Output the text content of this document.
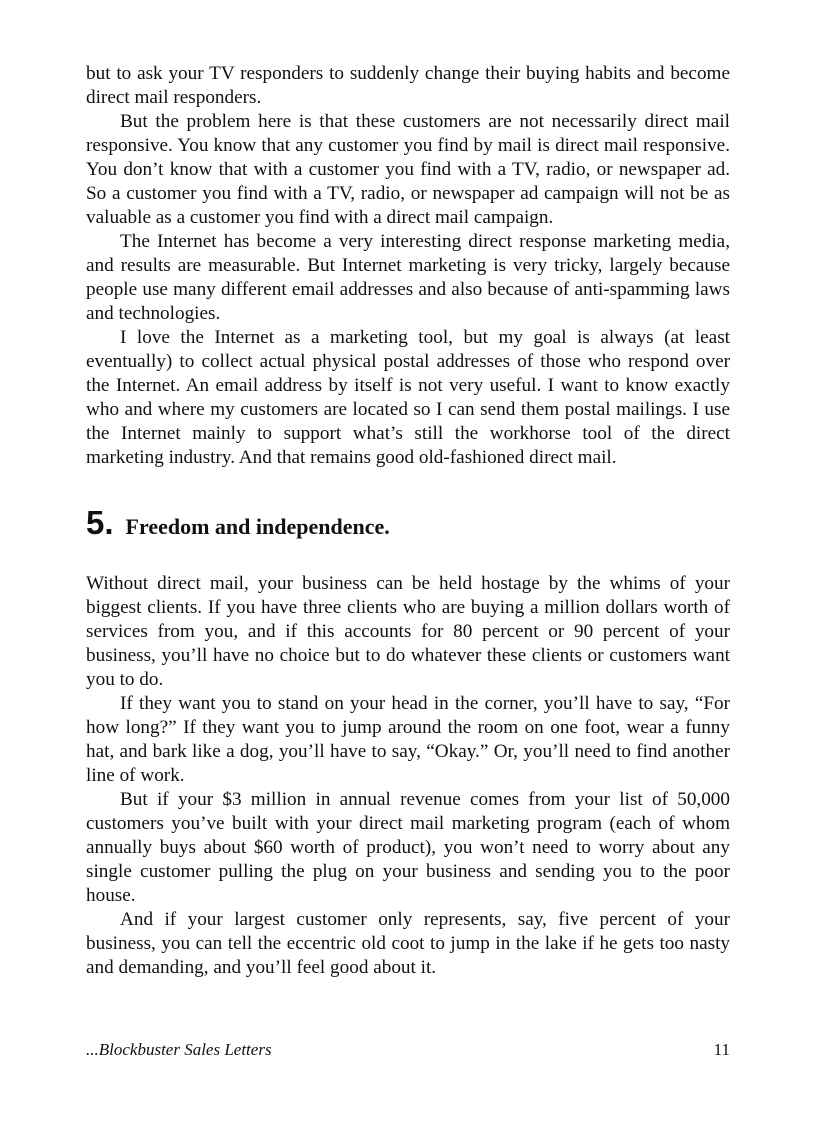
but to ask your TV responders to suddenly change their buying habits and become direct mail responders.

But the problem here is that these customers are not necessarily direct mail responsive. You know that any customer you find by mail is direct mail responsive. You don’t know that with a customer you find with a TV, radio, or newspaper ad. So a customer you find with a TV, radio, or newspaper ad campaign will not be as valuable as a customer you find with a direct mail campaign.

The Internet has become a very interesting direct response marketing media, and results are measurable. But Internet marketing is very tricky, largely because people use many different email addresses and also because of anti-spamming laws and technologies.

I love the Internet as a marketing tool, but my goal is always (at least eventually) to collect actual physical postal addresses of those who respond over the Internet. An email address by itself is not very useful. I want to know exactly who and where my customers are located so I can send them postal mailings. I use the Internet mainly to support what’s still the workhorse tool of the direct marketing industry. And that remains good old-fashioned direct mail.

5. Freedom and independence.

Without direct mail, your business can be held hostage by the whims of your biggest clients. If you have three clients who are buying a million dollars worth of services from you, and if this accounts for 80 percent or 90 percent of your business, you’ll have no choice but to do whatever these clients or customers want you to do.

If they want you to stand on your head in the corner, you’ll have to say, “For how long?” If they want you to jump around the room on one foot, wear a funny hat, and bark like a dog, you’ll have to say, “Okay.” Or, you’ll need to find another line of work.

But if your $3 million in annual revenue comes from your list of 50,000 customers you’ve built with your direct mail marketing program (each of whom annually buys about $60 worth of product), you won’t need to worry about any single customer pulling the plug on your business and sending you to the poor house.

And if your largest customer only represents, say, five percent of your business, you can tell the eccentric old coot to jump in the lake if he gets too nasty and demanding, and you’ll feel good about it.

...Blockbuster Sales Letters	11
